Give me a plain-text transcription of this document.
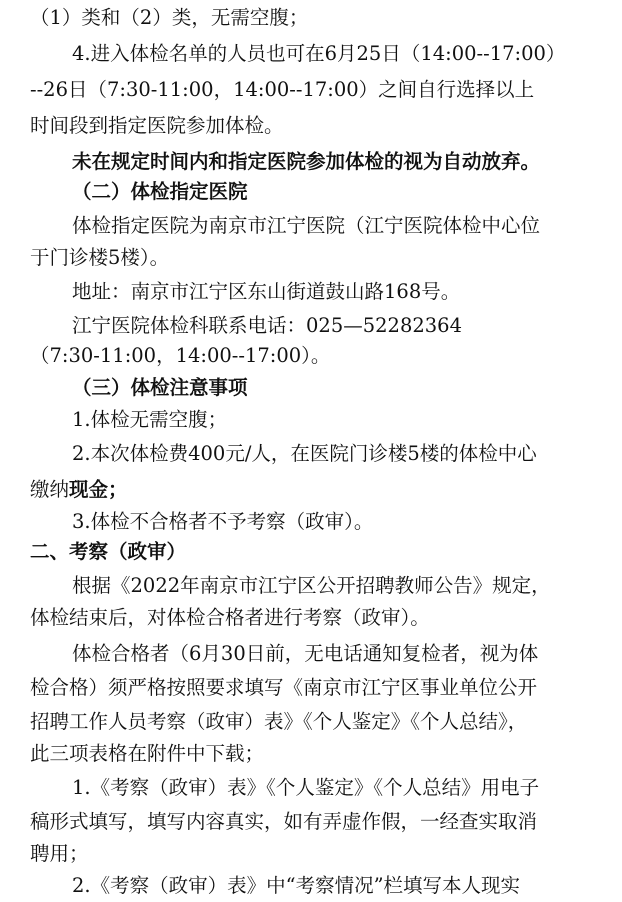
（1）类和（2）类，无需空腹；
4.进入体检名单的人员也可在6月25日（14:00--17:00）
--26日（7:30-11:00，14:00--17:00）之间自行选择以上
时间段到指定医院参加体检。
未在规定时间内和指定医院参加体检的视为自动放弃。
（二）体检指定医院
体检指定医院为南京市江宁医院（江宁医院体检中心位
于门诊楼5楼）。
地址：南京市江宁区东山街道鼓山路168号。
江宁医院体检科联系电话：025—52282364
（7:30-11:00，14:00--17:00）。
（三）体检注意事项
1.体检无需空腹；
2.本次体检费400元/人，在医院门诊楼5楼的体检中心
缴纳现金；
3.体检不合格者不予考察（政审）。
二、考察（政审）
根据《2022年南京市江宁区公开招聘教师公告》规定，
体检结束后，对体检合格者进行考察（政审）。
体检合格者（6月30日前，无电话通知复检者，视为体
检合格）须严格按照要求填写《南京市江宁区事业单位公开
招聘工作人员考察（政审）表》《个人鉴定》《个人总结》，
此三项表格在附件中下载；
1.《考察（政审）表》《个人鉴定》《个人总结》用电子
稿形式填写，填写内容真实，如有弄虚作假，一经查实取消
聘用；
2.《考察（政审）表》中“考察情况”栏填写本人现实
